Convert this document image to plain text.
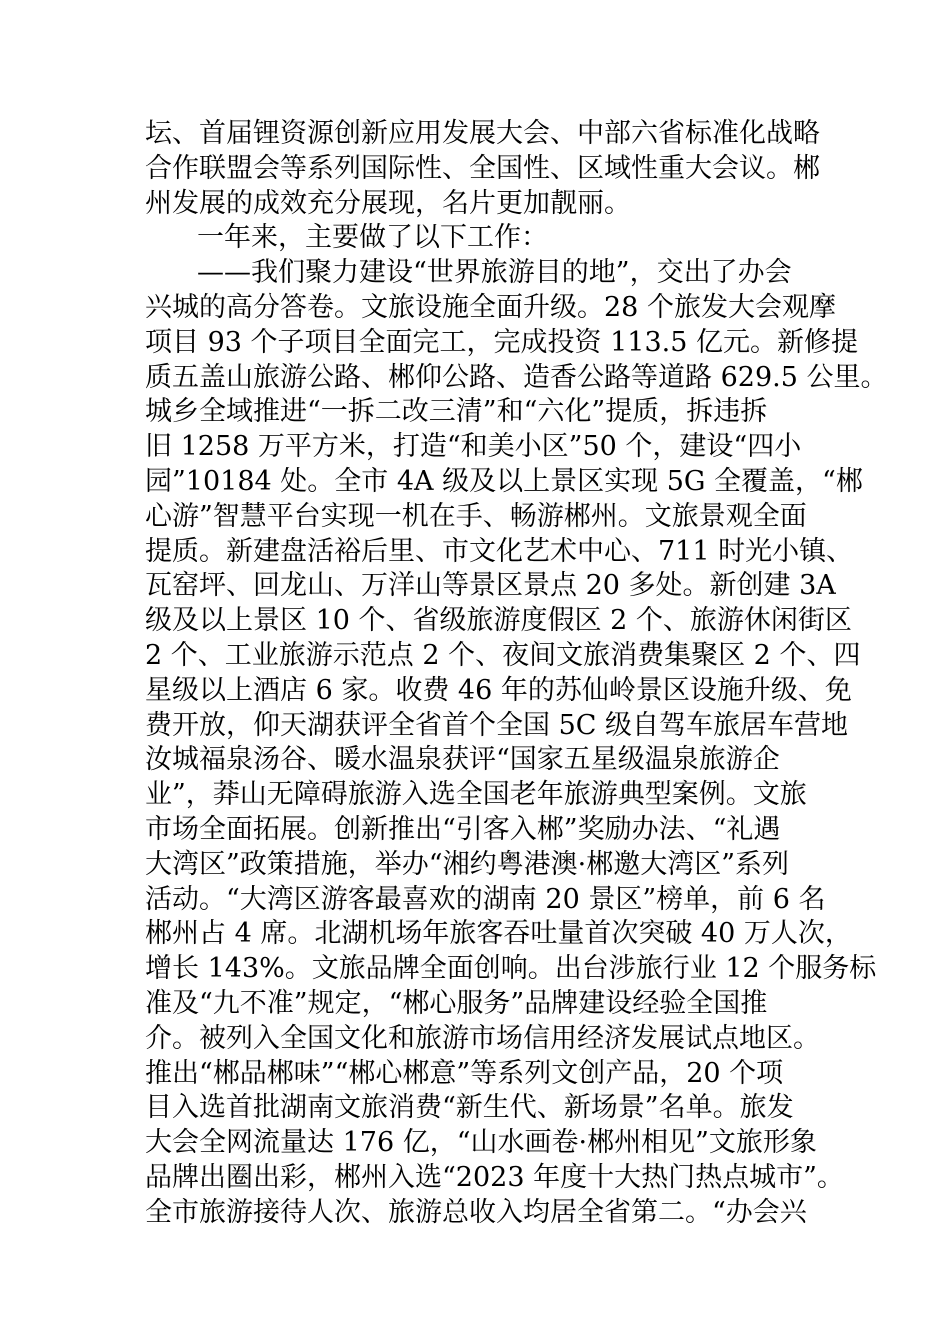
坛、首届锂资源创新应用发展大会、中部六省标准化战略
合作联盟会等系列国际性、全国性、区域性重大会议。郴
州发展的成效充分展现，名片更加靓丽。
一年来，主要做了以下工作：
——我们聚力建设“世界旅游目的地”，交出了办会
兴城的高分答卷。文旅设施全面升级。28 个旅发大会观摩
项目 93 个子项目全面完工，完成投资 113.5 亿元。新修提
质五盖山旅游公路、郴仰公路、造香公路等道路 629.5 公里。
城乡全域推进“一拆二改三清”和“六化”提质，拆违拆
旧 1258 万平方米，打造“和美小区”50 个，建设“四小
园”10184 处。全市 4A 级及以上景区实现 5G 全覆盖，“郴
心游”智慧平台实现一机在手、畅游郴州。文旅景观全面
提质。新建盘活裕后里、市文化艺术中心、711 时光小镇、
瓦窑坪、回龙山、万洋山等景区景点 20 多处。新创建 3A
级及以上景区 10 个、省级旅游度假区 2 个、旅游休闲街区
2 个、工业旅游示范点 2 个、夜间文旅消费集聚区 2 个、四
星级以上酒店 6 家。收费 46 年的苏仙岭景区设施升级、免
费开放，仰天湖获评全省首个全国 5C 级自驾车旅居车营地
汝城福泉汤谷、暖水温泉获评“国家五星级温泉旅游企
业”，莽山无障碍旅游入选全国老年旅游典型案例。文旅
市场全面拓展。创新推出“引客入郴”奖励办法、“礼遇
大湾区”政策措施，举办“湘约粤港澳·郴邀大湾区”系列
活动。“大湾区游客最喜欢的湖南 20 景区”榜单，前 6 名
郴州占 4 席。北湖机场年旅客吞吐量首次突破 40 万人次，
增长 143%。文旅品牌全面创响。出台涉旅行业 12 个服务标
准及“九不准”规定，“郴心服务”品牌建设经验全国推
介。被列入全国文化和旅游市场信用经济发展试点地区。
推出“郴品郴味”“郴心郴意”等系列文创产品，20 个项
目入选首批湖南文旅消费“新生代、新场景”名单。旅发
大会全网流量达 176 亿，“山水画卷·郴州相见”文旅形象
品牌出圈出彩，郴州入选“2023 年度十大热门热点城市”。
全市旅游接待人次、旅游总收入均居全省第二。“办会兴
